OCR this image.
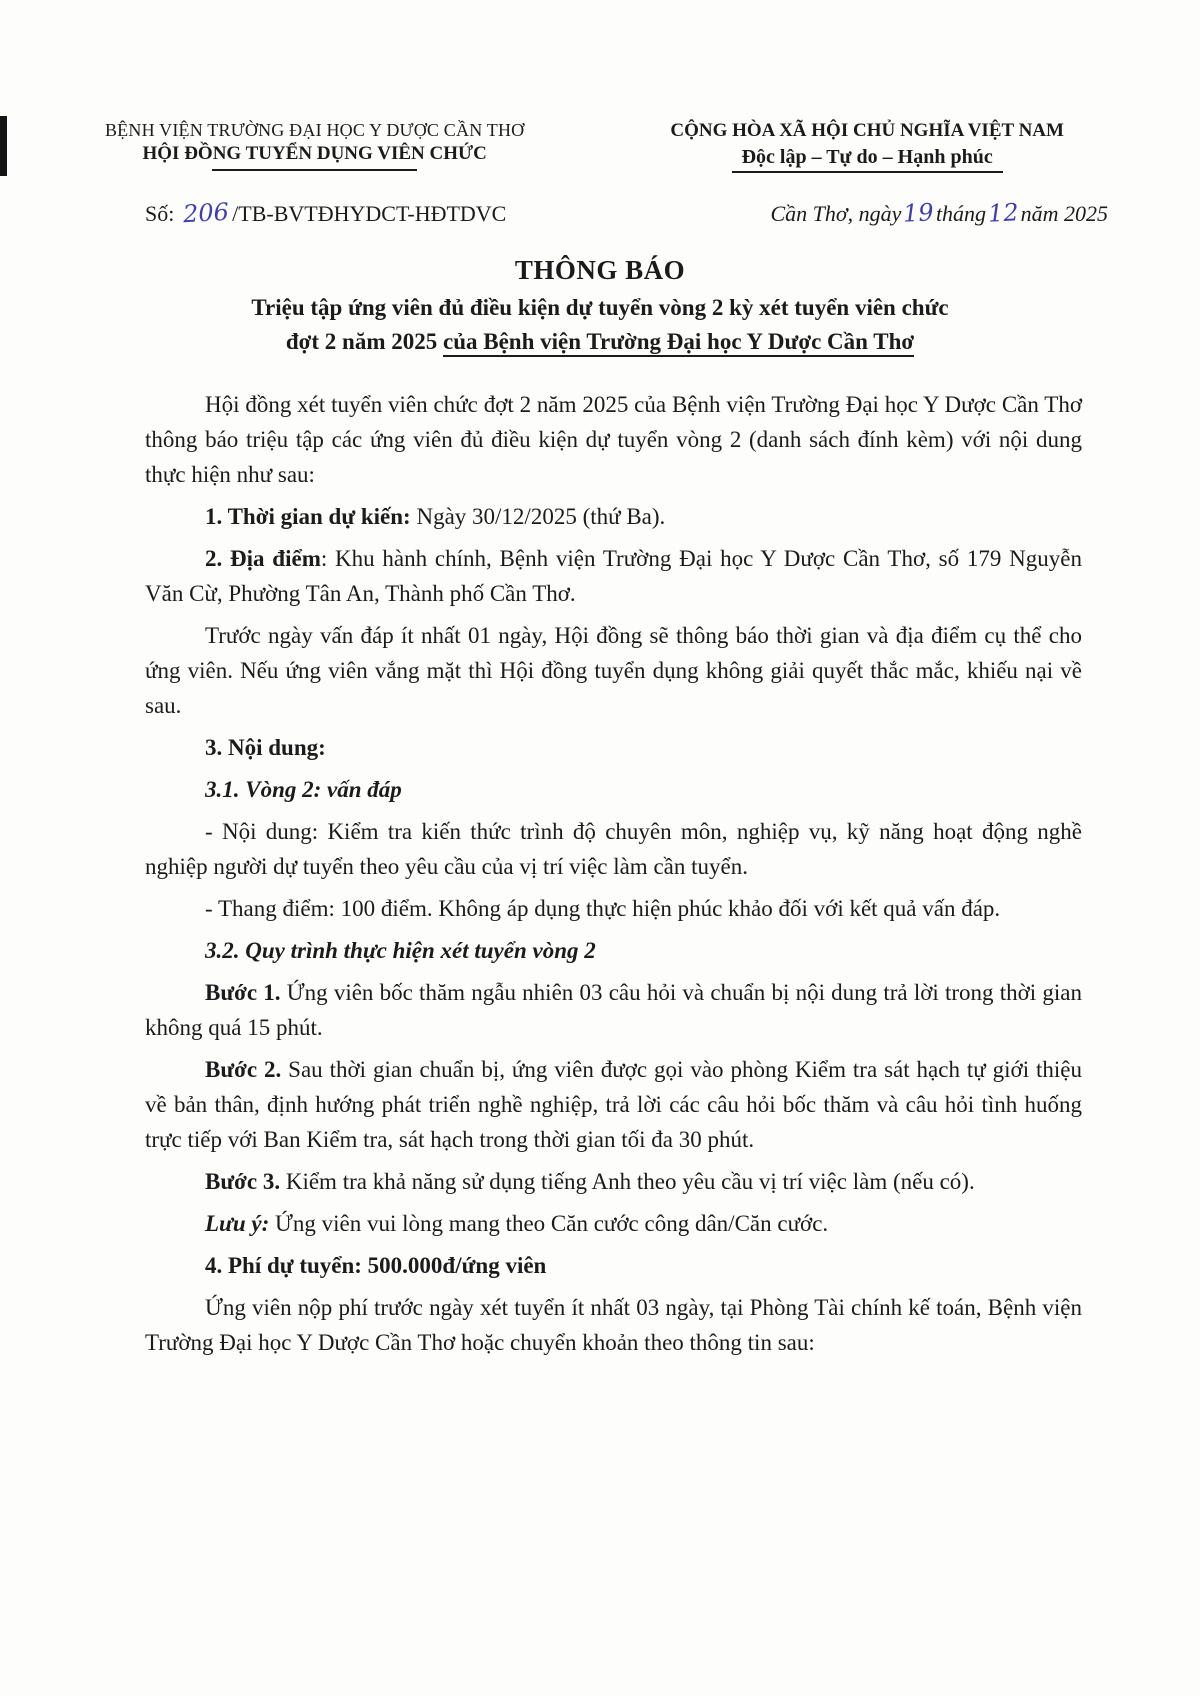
BỆNH VIỆN TRƯỜNG ĐẠI HỌC Y DƯỢC CẦN THƠ
HỘI ĐỒNG TUYỂN DỤNG VIÊN CHỨC
CỘNG HÒA XÃ HỘI CHỦ NGHĨA VIỆT NAM
Độc lập – Tự do – Hạnh phúc
Số: 206 /TB-BVTĐHYDCT-HĐTDVC	Cần Thơ, ngày19tháng12năm 2025
THÔNG BÁO
Triệu tập ứng viên đủ điều kiện dự tuyển vòng 2 kỳ xét tuyển viên chức
đợt 2 năm 2025 của Bệnh viện Trường Đại học Y Dược Cần Thơ

Hội đồng xét tuyển viên chức đợt 2 năm 2025 của Bệnh viện Trường Đại học Y Dược Cần Thơ thông báo triệu tập các ứng viên đủ điều kiện dự tuyển vòng 2 (danh sách đính kèm) với nội dung thực hiện như sau:

1. Thời gian dự kiến: Ngày 30/12/2025 (thứ Ba).

2. Địa điểm: Khu hành chính, Bệnh viện Trường Đại học Y Dược Cần Thơ, số 179 Nguyễn Văn Cừ, Phường Tân An, Thành phố Cần Thơ.

Trước ngày vấn đáp ít nhất 01 ngày, Hội đồng sẽ thông báo thời gian và địa điểm cụ thể cho ứng viên. Nếu ứng viên vắng mặt thì Hội đồng tuyển dụng không giải quyết thắc mắc, khiếu nại về sau.

3. Nội dung:

3.1. Vòng 2: vấn đáp

- Nội dung: Kiểm tra kiến thức trình độ chuyên môn, nghiệp vụ, kỹ năng hoạt động nghề nghiệp người dự tuyển theo yêu cầu của vị trí việc làm cần tuyển.

- Thang điểm: 100 điểm. Không áp dụng thực hiện phúc khảo đối với kết quả vấn đáp.

3.2. Quy trình thực hiện xét tuyển vòng 2

Bước 1. Ứng viên bốc thăm ngẫu nhiên 03 câu hỏi và chuẩn bị nội dung trả lời trong thời gian không quá 15 phút.

Bước 2. Sau thời gian chuẩn bị, ứng viên được gọi vào phòng Kiểm tra sát hạch tự giới thiệu về bản thân, định hướng phát triển nghề nghiệp, trả lời các câu hỏi bốc thăm và câu hỏi tình huống trực tiếp với Ban Kiểm tra, sát hạch trong thời gian tối đa 30 phút.

Bước 3. Kiểm tra khả năng sử dụng tiếng Anh theo yêu cầu vị trí việc làm (nếu có).

Lưu ý: Ứng viên vui lòng mang theo Căn cước công dân/Căn cước.

4. Phí dự tuyển: 500.000đ/ứng viên

Ứng viên nộp phí trước ngày xét tuyển ít nhất 03 ngày, tại Phòng Tài chính kế toán, Bệnh viện Trường Đại học Y Dược Cần Thơ hoặc chuyển khoản theo thông tin sau:
